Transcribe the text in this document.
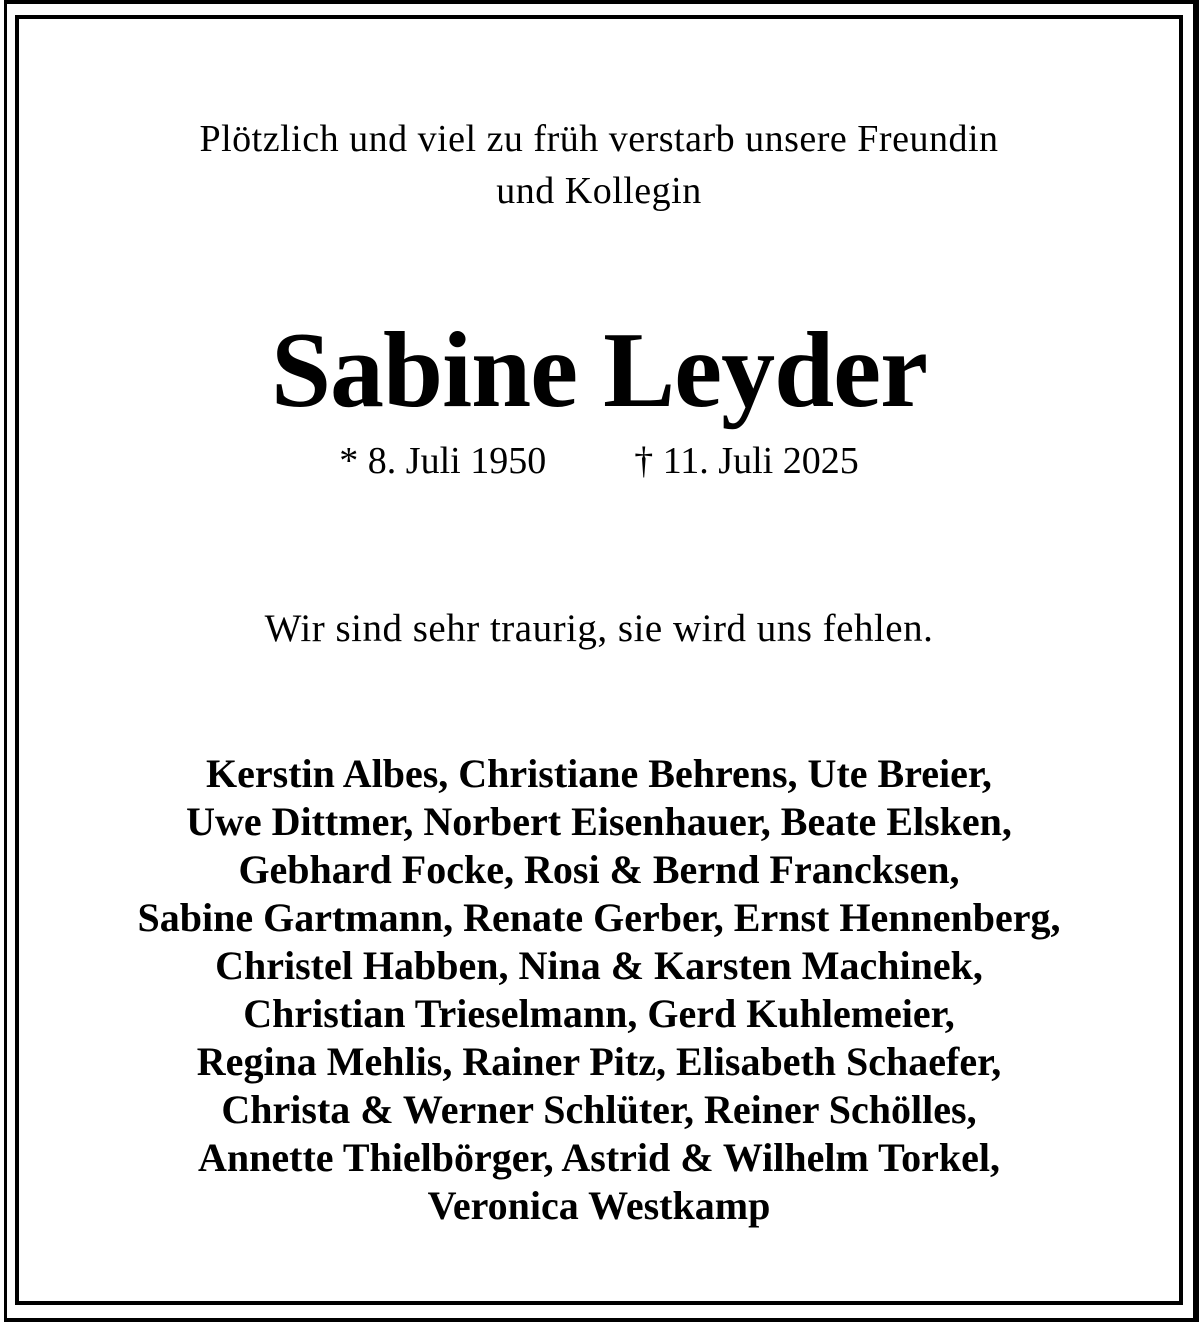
Plötzlich und viel zu früh verstarb unsere Freundin
und Kollegin
Sabine Leyder
* 8. Juli 1950 † 11. Juli 2025
Wir sind sehr traurig, sie wird uns fehlen.
Kerstin Albes, Christiane Behrens, Ute Breier,
Uwe Dittmer, Norbert Eisenhauer, Beate Elsken,
Gebhard Focke, Rosi & Bernd Francksen,
Sabine Gartmann, Renate Gerber, Ernst Hennenberg,
Christel Habben, Nina & Karsten Machinek,
Christian Trieselmann, Gerd Kuhlemeier,
Regina Mehlis, Rainer Pitz, Elisabeth Schaefer,
Christa & Werner Schlüter, Reiner Schölles,
Annette Thielbörger, Astrid & Wilhelm Torkel,
Veronica Westkamp
